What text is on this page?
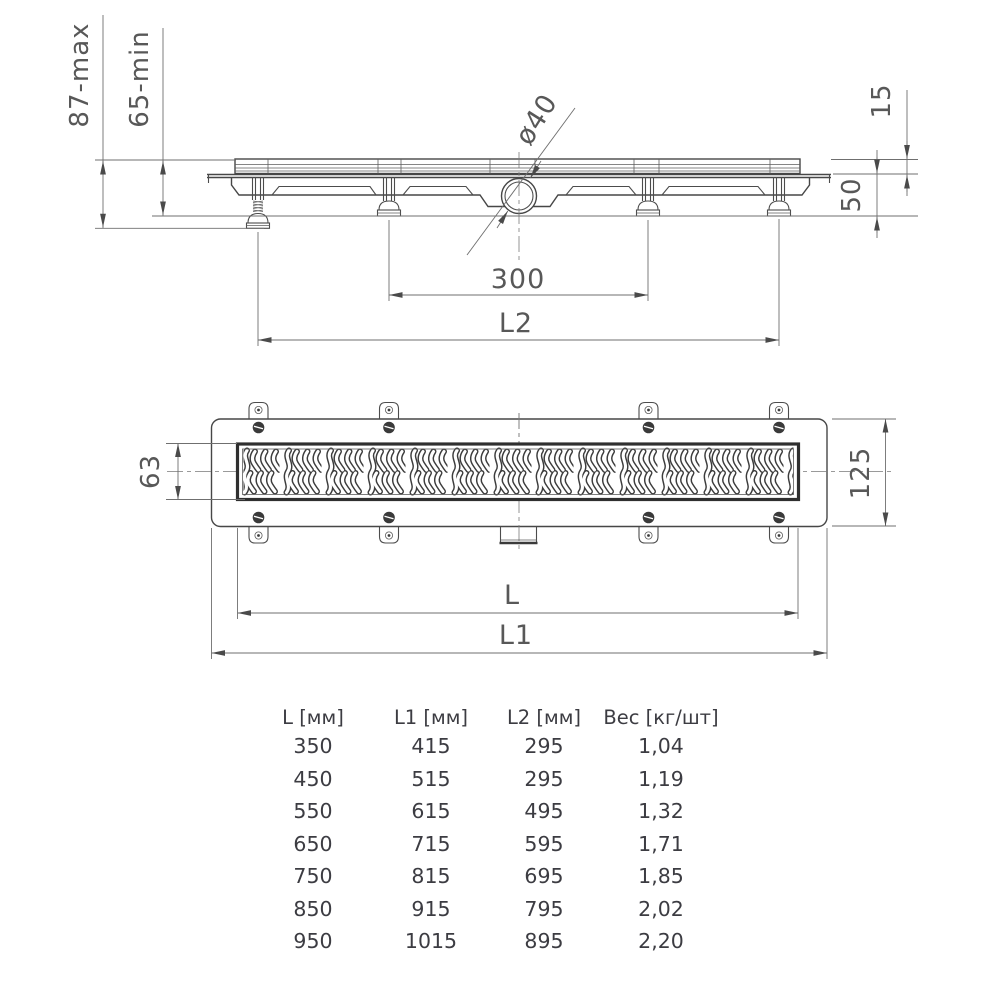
87-max 65-min	15
50
ø40
300
L2
63	125
L
L1
L [мм]	L1 [мм]	L2 [мм]	Вес [кг/шт]
350	415	295	1,04
450	515	295	1,19
550	615	495	1,32
650	715	595	1,71
750	815	695	1,85
850	915	795	2,02
950	1015	895	2,20
